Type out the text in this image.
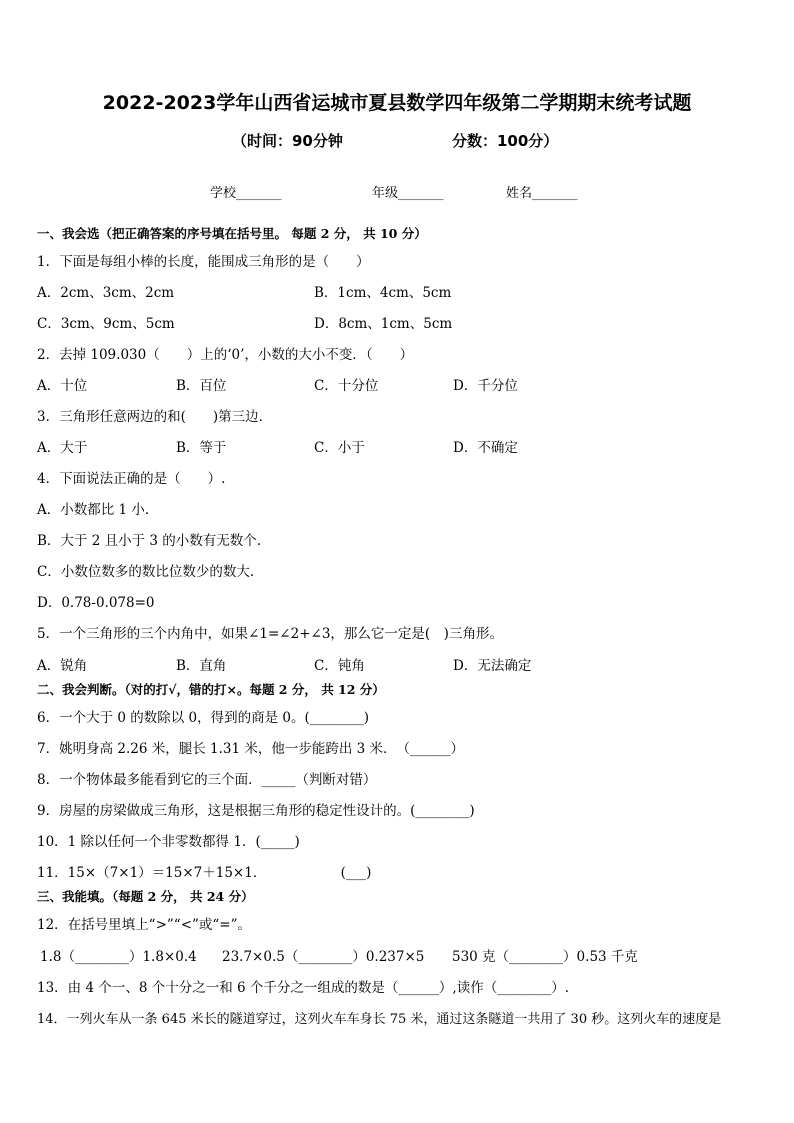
2022-2023学年山西省运城市夏县数学四年级第二学期期末统考试题
（时间：90分钟	分数：100分）
学校_______	年级_______	姓名_______
一、我会选（把正确答案的序号填在括号里。 每题 2 分， 共 10 分）
1．下面是每组小棒的长度，能围成三角形的是（　　）
A．2cm、3cm、2cm	B．1cm、4cm、5cm
C．3cm、9cm、5cm	D．8cm、1cm、5cm
2．去掉 109.030（　　）上的‘0’，小数的大小不变．（　　）
A．十位	B．百位	C．十分位	D．千分位
3．三角形任意两边的和(　　)第三边．
A．大于	B．等于	C．小于	D．不确定
4．下面说法正确的是（　　）.
A．小数都比 1 小.
B．大于 2 且小于 3 的小数有无数个.
C．小数位数多的数比位数少的数大.
D．0.78-0.078=0
5．一个三角形的三个内角中，如果∠1=∠2+∠3，那么它一定是(　)三角形。
A．锐角	B．直角	C．钝角	D．无法确定
二、我会判断。（对的打√，错的打×。每题 2 分， 共 12 分）
6．一个大于 0 的数除以 0，得到的商是 0。(________)
7．姚明身高 2.26 米，腿长 1.31 米，他一步能跨出 3 米．　（______）
8．一个物体最多能看到它的三个面．_____（判断对错）
9．房屋的房梁做成三角形，这是根据三角形的稳定性设计的。(________)
10．1 除以任何一个非零数都得 1．(_____)
11．15×（7×1）＝15×7＋15×1．　　　　　　(___)
三、我能填。（每题 2 分， 共 24 分）
12．在括号里填上“>”“<”或“=”。
1.8（________）1.8×0.4 23.7×0.5（________）0.237×5 530 克（________）0.53 千克
13．由 4 个一、8 个十分之一和 6 个千分之一组成的数是（______）,读作（________）.
14．一列火车从一条 645 米长的隧道穿过，这列火车车身长 75 米，通过这条隧道一共用了 30 秒。这列火车的速度是
